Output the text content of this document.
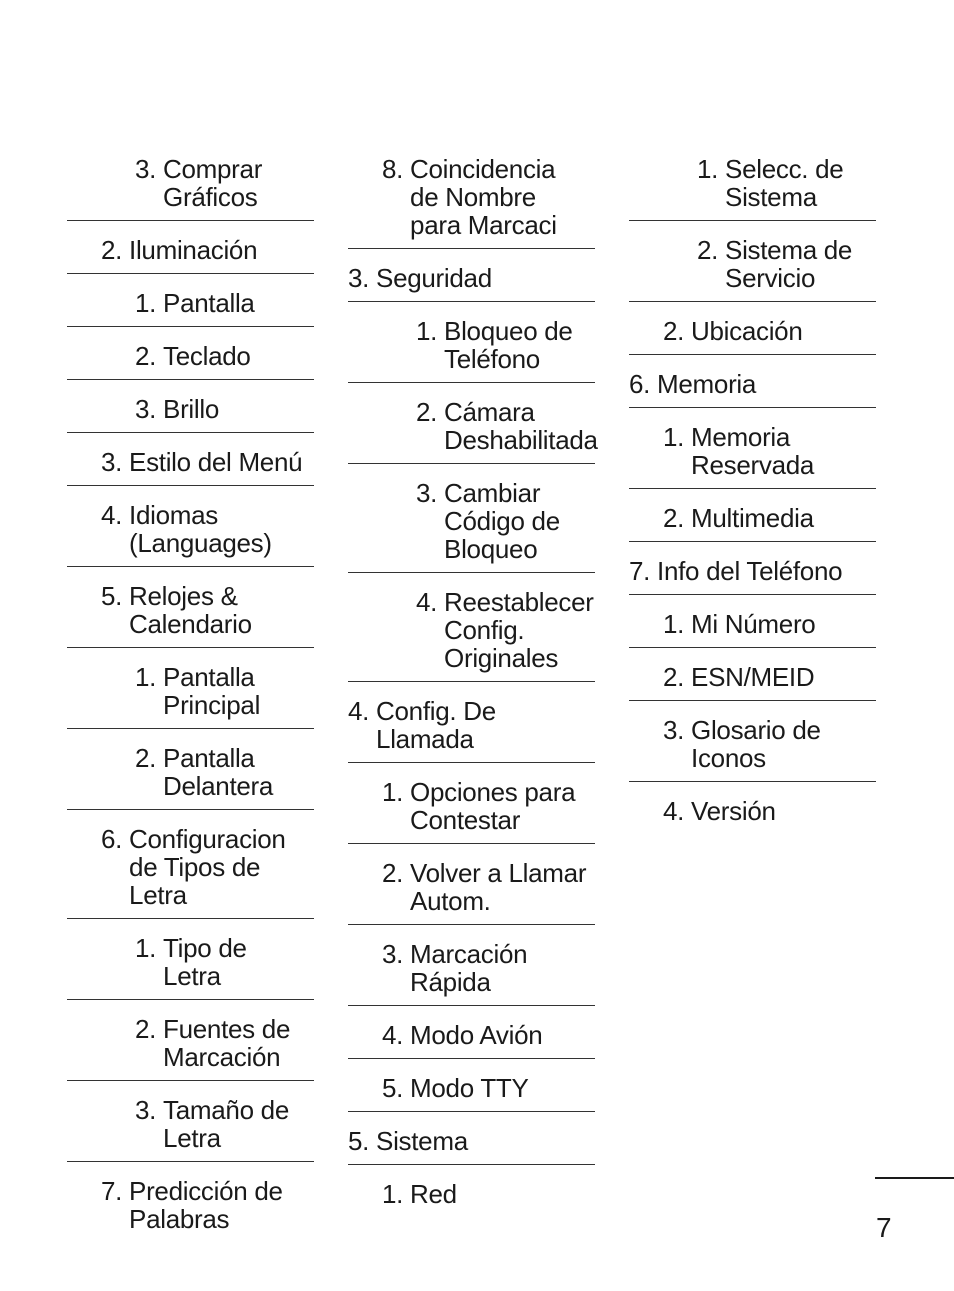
3.
Comprar
Gráficos
2.
Iluminación
1.
Pantalla
2.
Teclado
3.
Brillo
3.
Estilo del Menú
4.
Idiomas
(Languages)
5.
Relojes &
Calendario
1.
Pantalla
Principal
2.
Pantalla
Delantera
6.
Configuracion
de Tipos de
Letra
1.
Tipo de
Letra
2.
Fuentes de
Marcación
3.
Tamaño de
Letra
7.
Predicción de
Palabras
8.
Coincidencia
de Nombre
para Marcaci
3.
Seguridad
1.
Bloqueo de
Teléfono
2.
Cámara
Deshabilitada
3.
Cambiar
Código de
Bloqueo
4.
Reestablecer
Config.
Originales
4.
Config. De
Llamada
1.
Opciones para
Contestar
2.
Volver a Llamar
Autom.
3.
Marcación
Rápida
4.
Modo Avión
5.
Modo TTY
5.
Sistema
1.
Red
1.
Selecc. de
Sistema
2.
Sistema de
Servicio
2.
Ubicación
6.
Memoria
1.
Memoria
Reservada
2.
Multimedia
7.
Info del Teléfono
1.
Mi Número
2.
ESN/MEID
3.
Glosario de
Iconos
4.
Versión
7
